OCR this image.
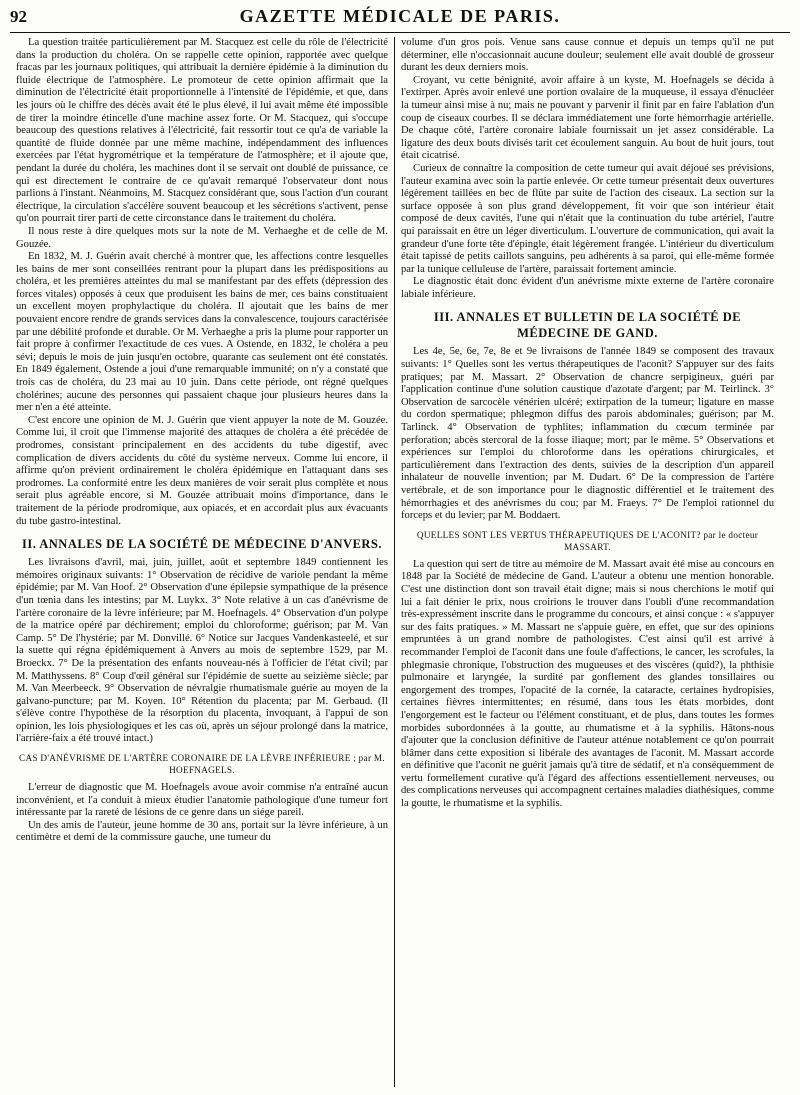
92	GAZETTE MÉDICALE DE PARIS.

La question traitée particulièrement par M. Stacquez est celle du rôle de l'électricité dans la production du choléra. On se rappelle cette opinion, rapportée avec quelque fracas par les journaux politiques, qui attribuait la dernière épidémie à la diminution du fluide électrique de l'atmosphère. Le promoteur de cette opinion affirmait que la diminution de l'électricité était proportionnelle à l'intensité de l'épidémie, et que, dans les jours où le chiffre des décès avait été le plus élevé, il lui avait même été impossible de tirer la moindre étincelle d'une machine assez forte. Or M. Stacquez, qui s'occupe beaucoup des questions relatives à l'électricité, fait ressortir tout ce qu'a de variable la quantité de fluide donnée par une même machine, indépendamment des influences exercées par l'état hygrométrique et la température de l'atmosphère; et il ajoute que, pendant la durée du choléra, les machines dont il se servait ont doublé de puissance, ce qui est directement le contraire de ce qu'avait remarqué l'observateur dont nous parlions à l'instant. Néanmoins, M. Stacquez considérant que, sous l'action d'un courant électrique, la circulation s'accélère souvent beaucoup et les sécrétions s'activent, pense qu'on pourrait tirer parti de cette circonstance dans le traitement du choléra.

Il nous reste à dire quelques mots sur la note de M. Verhaeghe et de celle de M. Gouzée.

En 1832, M. J. Guérin avait cherché à montrer que, les affections contre lesquelles les bains de mer sont conseillées rentrant pour la plupart dans les prédispositions au choléra, et les premières atteintes du mal se manifestant par des effets (dépression des forces vitales) opposés à ceux que produisent les bains de mer, ces bains constituaient un excellent moyen prophylactique du choléra. Il ajoutait que les bains de mer pouvaient encore rendre de grands services dans la convalescence, toujours caractérisée par une débilité profonde et durable. Or M. Verhaeghe a pris la plume pour rapporter un fait propre à confirmer l'exactitude de ces vues. A Ostende, en 1832, le choléra a peu sévi; depuis le mois de juin jusqu'en octobre, quarante cas seulement ont été constatés. En 1849 également, Ostende a joui d'une remarquable immunité; on n'y a constaté que trois cas de choléra, du 23 mai au 10 juin. Dans cette période, ont régné quelques cholérines; aucune des personnes qui passaient chaque jour plusieurs heures dans la mer n'en a été atteinte.

C'est encore une opinion de M. J. Guérin que vient appuyer la note de M. Gouzée. Comme lui, il croit que l'immense majorité des attaques de choléra a été précédée de prodromes, consistant principalement en des accidents du tube digestif, avec complication de divers accidents du côté du système nerveux. Comme lui encore, il affirme qu'on prévient ordinairement le choléra épidémique en l'attaquant dans ses prodromes. La conformité entre les deux manières de voir serait plus complète et nous serait plus agréable encore, si M. Gouzée attribuait moins d'importance, dans le traitement de la période prodromique, aux opiacés, et en accordait plus aux évacuants du tube gastro-intestinal.

II. ANNALES DE LA SOCIÉTÉ DE MÉDECINE D'ANVERS.

Les livraisons d'avril, mai, juin, juillet, août et septembre 1849 contiennent les mémoires originaux suivants: 1° Observation de récidive de variole pendant la même épidémie; par M. Van Hoof. 2° Observation d'une épilepsie sympathique de la présence d'un tœnia dans les intestins; par M. Luykx. 3° Note relative à un cas d'anévrisme de l'artère coronaire de la lèvre inférieure; par M. Hoefnagels. 4° Observation d'un polype de la matrice opéré par déchirement; emploi du chloroforme; guérison; par M. Van Camp. 5° De l'hystérie; par M. Donvillé. 6° Notice sur Jacques Vandenkasteelé, et sur la suette qui régna épidémiquement à Anvers au mois de septembre 1529, par M. Broeckx. 7° De la présentation des enfants nouveau-nés à l'officier de l'état civil; par M. Matthyssens. 8° Coup d'œil général sur l'épidémie de suette au seizième siècle; par M. Van Meerbeeck. 9° Observation de névralgie rhumatismale guérie au moyen de la galvano-puncture; par M. Koyen. 10° Rétention du placenta; par M. Gerbaud. (Il s'élève contre l'hypothèse de la résorption du placenta, invoquant, à l'appui de son opinion, les lois physiologiques et les cas où, après un séjour prolongé dans la matrice, l'arrière-faix a été trouvé intact.)

CAS D'ANÉVRISME DE L'ARTÈRE CORONAIRE DE LA LÈVRE INFÉRIEURE ; par M. HOEFNAGELS.

L'erreur de diagnostic que M. Hoefnagels avoue avoir commise n'a entraîné aucun inconvénient, et l'a conduit à mieux étudier l'anatomie pathologique d'une tumeur fort intéressante par la rareté de lésions de ce genre dans un siége pareil.

Un des amis de l'auteur, jeune homme de 30 ans, portait sur la lèvre inférieure, à un centimètre et demi de la commissure gauche, une tumeur du

volume d'un gros pois. Venue sans cause connue et depuis un temps qu'il ne put déterminer, elle n'occasionnait aucune douleur; seulement elle avait doublé de grosseur durant les deux derniers mois.

Croyant, vu cette bénignité, avoir affaire à un kyste, M. Hoefnagels se décida à l'extirper. Après avoir enlevé une portion ovalaire de la muqueuse, il essaya d'énucléer la tumeur ainsi mise à nu; mais ne pouvant y parvenir il finit par en faire l'ablation d'un coup de ciseaux courbes. Il se déclara immédiatement une forte hémorrhagie artérielle. De chaque côté, l'artère coronaire labiale fournissait un jet assez considérable. La ligature des deux bouts divisés tarit cet écoulement sanguin. Au bout de huit jours, tout était cicatrisé.

Curieux de connaître la composition de cette tumeur qui avait déjoué ses prévisions, l'auteur examina avec soin la partie enlevée. Or cette tumeur présentait deux ouvertures légèrement taillées en bec de flûte par suite de l'action des ciseaux. La section sur la surface opposée à son plus grand développement, fit voir que son intérieur était composé de deux cavités, l'une qui n'était que la continuation du tube artériel, l'autre qui paraissait en être un léger diverticulum. L'ouverture de communication, qui avait la grandeur d'une forte tête d'épingle, était légèrement frangée. L'intérieur du diverticulum était tapissé de petits caillots sanguins, peu adhérents à sa paroi, qui elle-même formée par la tunique celluleuse de l'artère, paraissait fortement amincie.

Le diagnostic était donc évident d'un anévrisme mixte externe de l'artère coronaire labiale inférieure.

III. ANNALES ET BULLETIN DE LA SOCIÉTÉ DE MÉDECINE DE GAND.

Les 4e, 5e, 6e, 7e, 8e et 9e livraisons de l'année 1849 se composent des travaux suivants: 1° Quelles sont les vertus thérapeutiques de l'aconit? S'appuyer sur des faits pratiques; par M. Massart. 2° Observation de chancre serpigineux, guéri par l'application continue d'une solution caustique d'azotate d'argent; par M. Teirlinck. 3° Observation de sarcocèle vénérien ulcéré; extirpation de la tumeur; ligature en masse du cordon spermatique; phlegmon diffus des parois abdominales; guérison; par M. Tarlinck. 4° Observation de typhlites; inflammation du cœcum terminée par perforation; abcès stercoral de la fosse iliaque; mort; par le même. 5° Observations et expériences sur l'emploi du chloroforme dans les opérations chirurgicales, et particulièrement dans l'extraction des dents, suivies de la description d'un appareil inhalateur de nouvelle invention; par M. Dudart. 6° De la compression de l'artère vertébrale, et de son importance pour le diagnostic différentiel et le traitement des hémorrhagies et des anévrismes du cou; par M. Fraeys. 7° De l'emploi rationnel du forceps et du levier; par M. Boddaert.

QUELLES SONT LES VERTUS THÉRAPEUTIQUES DE L'ACONIT? par le docteur MASSART.

La question qui sert de titre au mémoire de M. Massart avait été mise au concours en 1848 par la Société de médecine de Gand. L'auteur a obtenu une mention honorable. C'est une distinction dont son travail était digne; mais si nous cherchions le motif qui lui a fait dénier le prix, nous croirions le trouver dans l'oubli d'une recommandation très-expressément inscrite dans le programme du concours, et ainsi conçue : « s'appuyer sur des faits pratiques. » M. Massart ne s'appuie guère, en effet, que sur des opinions empruntées à un grand nombre de pathologistes. C'est ainsi qu'il est arrivé à recommander l'emploi de l'aconit dans une foule d'affections, le cancer, les scrofules, la phlegmasie chronique, l'obstruction des mugueuses et des viscères (quid?), la phthisie pulmonaire et laryngée, la surdité par gonflement des glandes tonsillaires ou engorgement des trompes, l'opacité de la cornée, la cataracte, certaines hydropisies, certaines fièvres intermittentes; en résumé, dans tous les états morbides, dont l'engorgement est le facteur ou l'élément constituant, et de plus, dans toutes les formes morbides subordonnées à la goutte, au rhumatisme et à la syphilis. Hâtons-nous d'ajouter que la conclusion définitive de l'auteur atténue notablement ce qu'on pourrait blâmer dans cette exposition si libérale des avantages de l'aconit. M. Massart accorde en définitive que l'aconit ne guérit jamais qu'à titre de sédatif, et n'a conséquemment de vertu formellement curative qu'à l'égard des affections essentiellement nerveuses, ou des complications nerveuses qui accompagnent certaines maladies diathésiques, comme la goutte, le rhumatisme et la syphilis.
